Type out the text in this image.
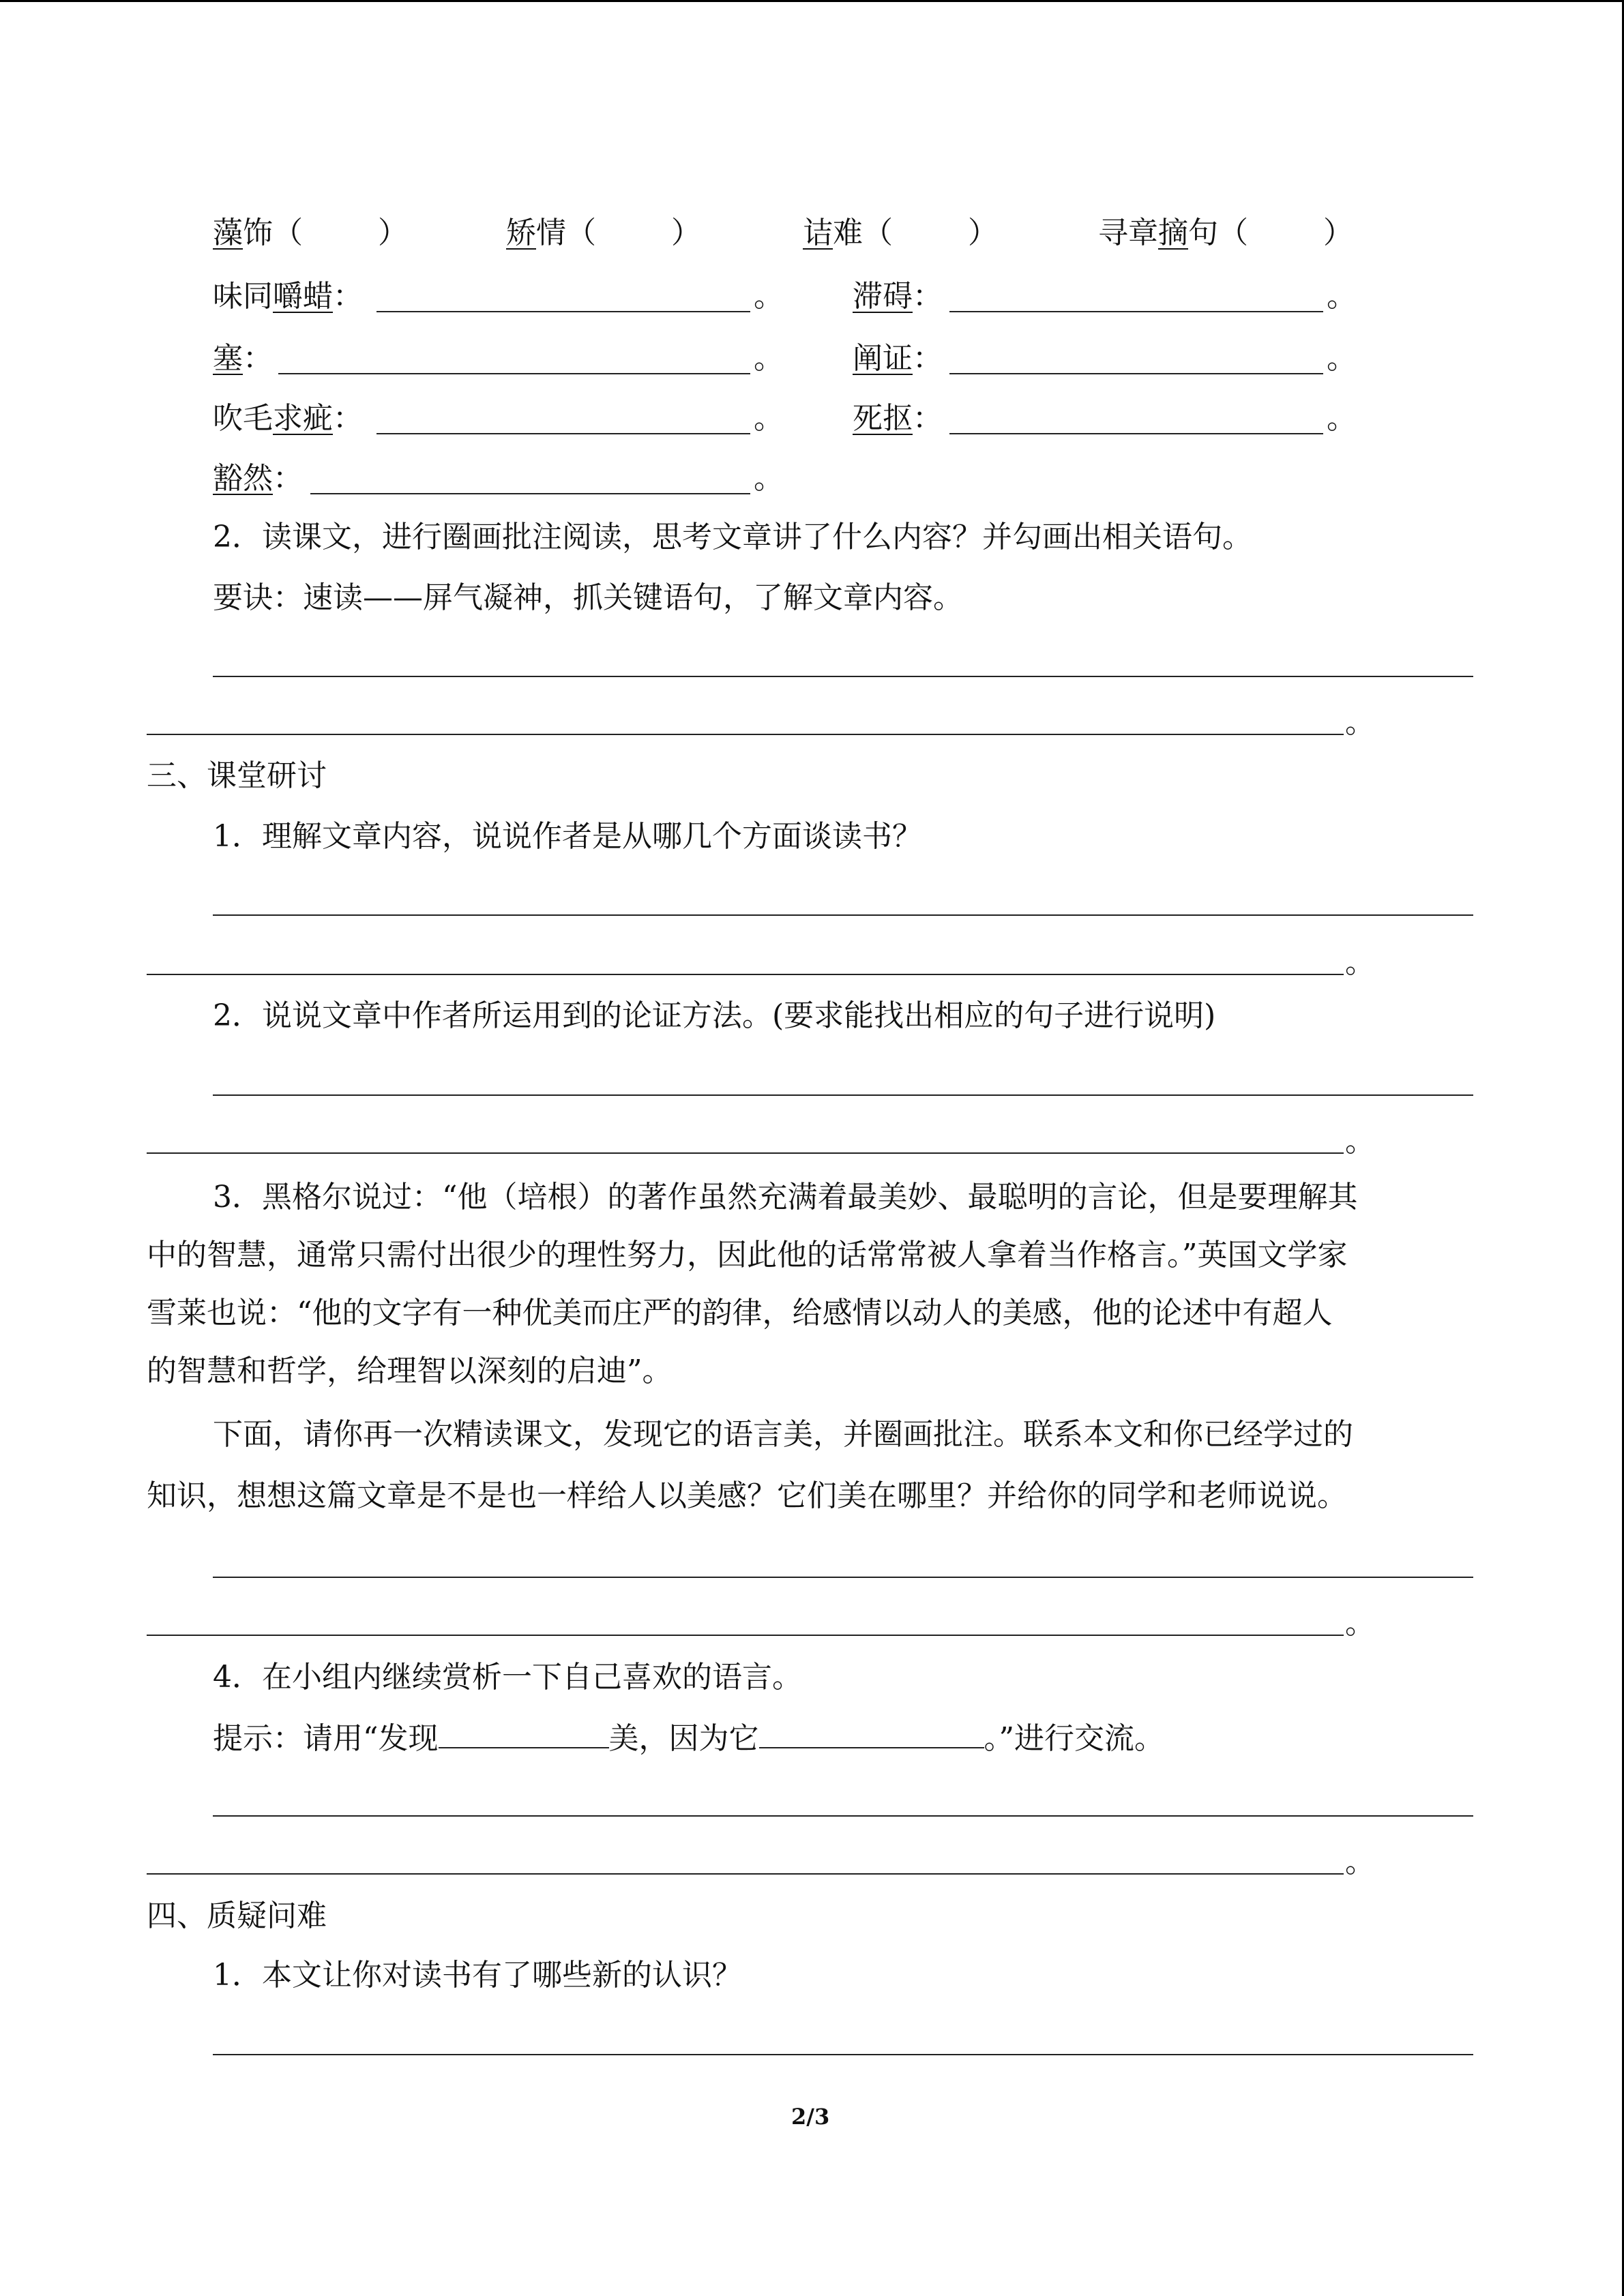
藻饰（	）	矫情（	）	诘难（	）	寻章摘句（	）
味同嚼蜡：	。 滞碍：	。
塞：	。 阐证：	。
吹毛求疵：	。 死抠：	。
豁然：	。
2．读课文，进行圈画批注阅读，思考文章讲了什么内容？并勾画出相关语句。
要诀：速读——屏气凝神，抓关键语句，了解文章内容。
。
三、课堂研讨
1．理解文章内容，说说作者是从哪几个方面谈读书？
。
2．说说文章中作者所运用到的论证方法。(要求能找出相应的句子进行说明)
。
3．黑格尔说过：“他（培根）的著作虽然充满着最美妙、最聪明的言论，但是要理解其
中的智慧，通常只需付出很少的理性努力，因此他的话常常被人拿着当作格言。”英国文学家
雪莱也说：“他的文字有一种优美而庄严的韵律，给感情以动人的美感，他的论述中有超人
的智慧和哲学，给理智以深刻的启迪”。
下面，请你再一次精读课文，发现它的语言美，并圈画批注。联系本文和你已经学过的
知识，想想这篇文章是不是也一样给人以美感？它们美在哪里？并给你的同学和老师说说。
。
4．在小组内继续赏析一下自己喜欢的语言。
提示：请用“发现	美，因为它	。”进行交流。
。
四、质疑问难
1．本文让你对读书有了哪些新的认识？
2/3
